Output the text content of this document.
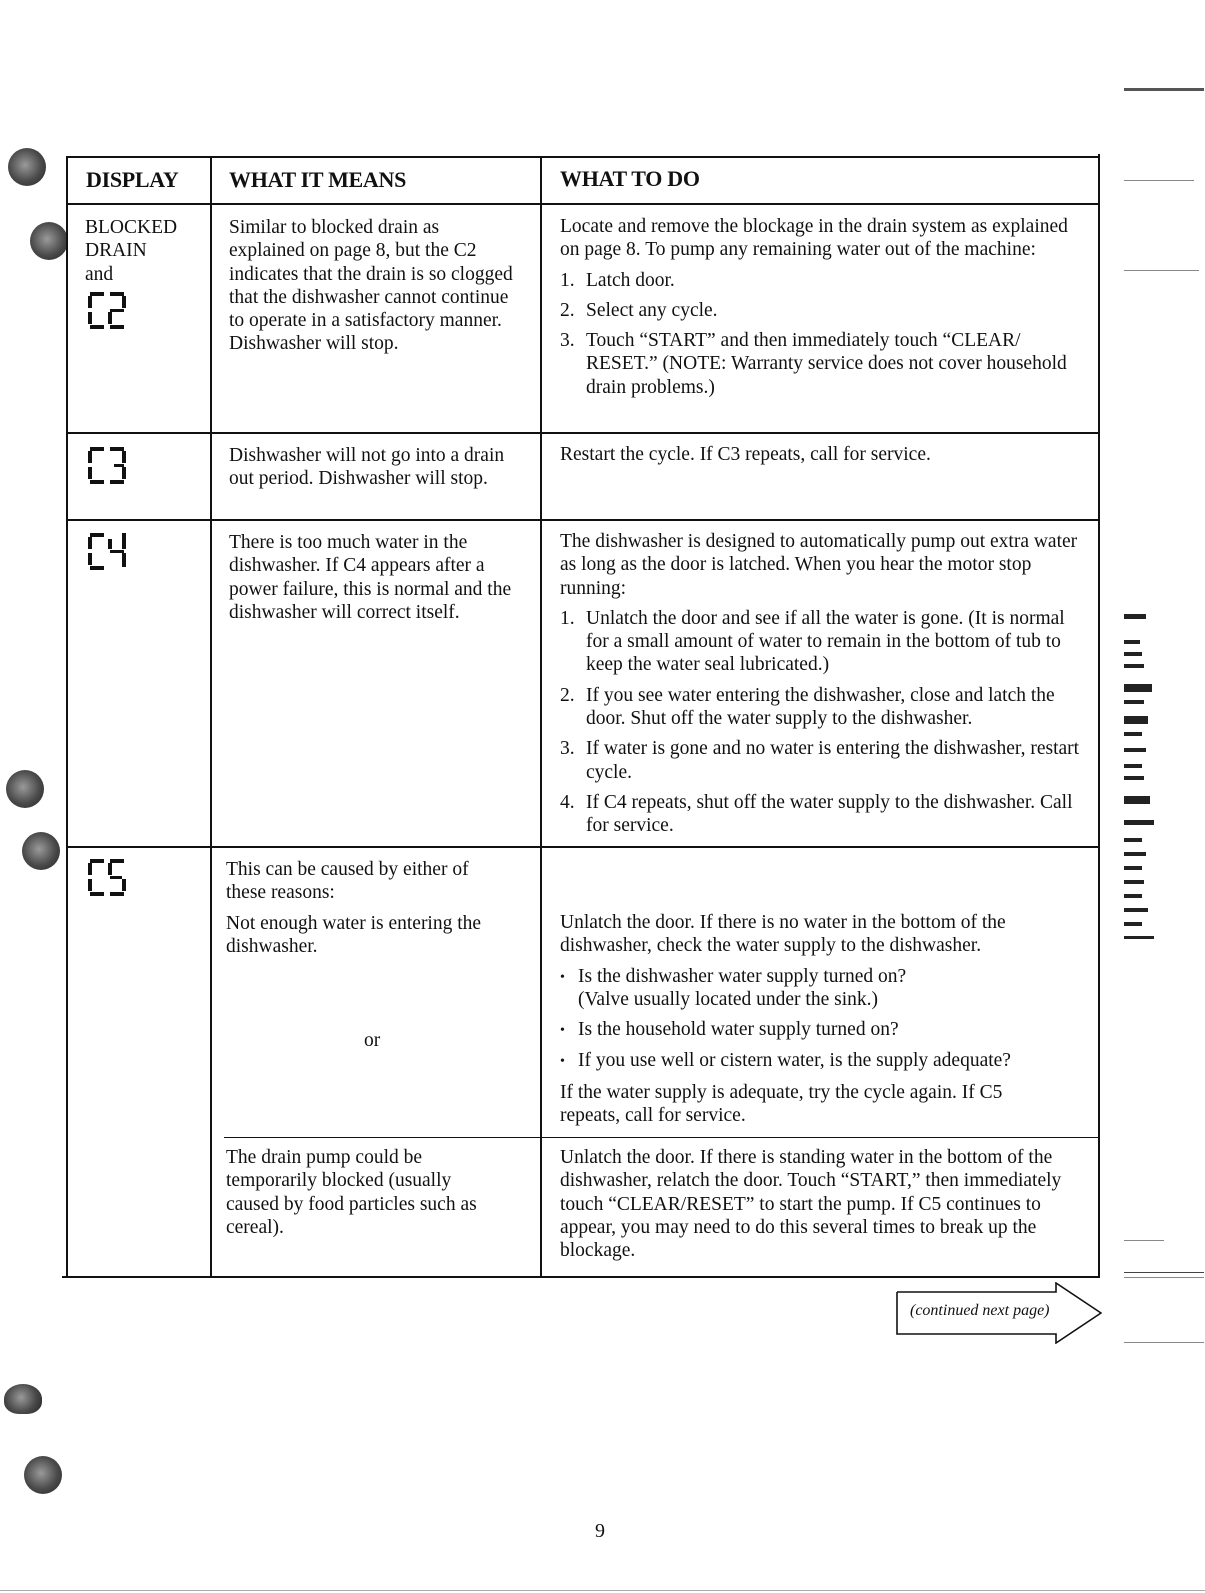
DISPLAY WHAT IT MEANS	WHAT TO DO
BLOCKED
DRAIN
and
Similar to blocked drain as explained on page 8, but the C2 indicates that the drain is so clogged that the dishwasher cannot continue to operate in a satisfactory manner. Dishwasher will stop.
Locate and remove the blockage in the drain system as explained on page 8. To pump any remaining water out of the machine:
1. Latch door.
2. Select any cycle.
3. Touch “START” and then immediately touch “CLEAR/ RESET.” (NOTE: Warranty service does not cover household drain problems.)
Dishwasher will not go into a drain out period. Dishwasher will stop.
Restart the cycle. If C3 repeats, call for service.
There is too much water in the dishwasher. If C4 appears after a power failure, this is normal and the dishwasher will correct itself.
The dishwasher is designed to automatically pump out extra water as long as the door is latched. When you hear the motor stop running:
1. Unlatch the door and see if all the water is gone. (It is normal for a small amount of water to remain in the bottom of tub to keep the water seal lubricated.)
2. If you see water entering the dishwasher, close and latch the door. Shut off the water supply to the dishwasher.
3. If water is gone and no water is entering the dishwasher, restart cycle.
4. If C4 repeats, shut off the water supply to the dishwasher. Call for service.
This can be caused by either of these reasons:
Not enough water is entering the dishwasher.
or
Unlatch the door. If there is no water in the bottom of the dishwasher, check the water supply to the dishwasher.
• Is the dishwasher water supply turned on? (Valve usually located under the sink.)
• Is the household water supply turned on?
• If you use well or cistern water, is the supply adequate?
If the water supply is adequate, try the cycle again. If C5 repeats, call for service.
The drain pump could be temporarily blocked (usually caused by food particles such as cereal).
Unlatch the door. If there is standing water in the bottom of the dishwasher, relatch the door. Touch “START,” then immediately touch “CLEAR/RESET” to start the pump. If C5 continues to appear, you may need to do this several times to break up the blockage.
(continued next page)
9
